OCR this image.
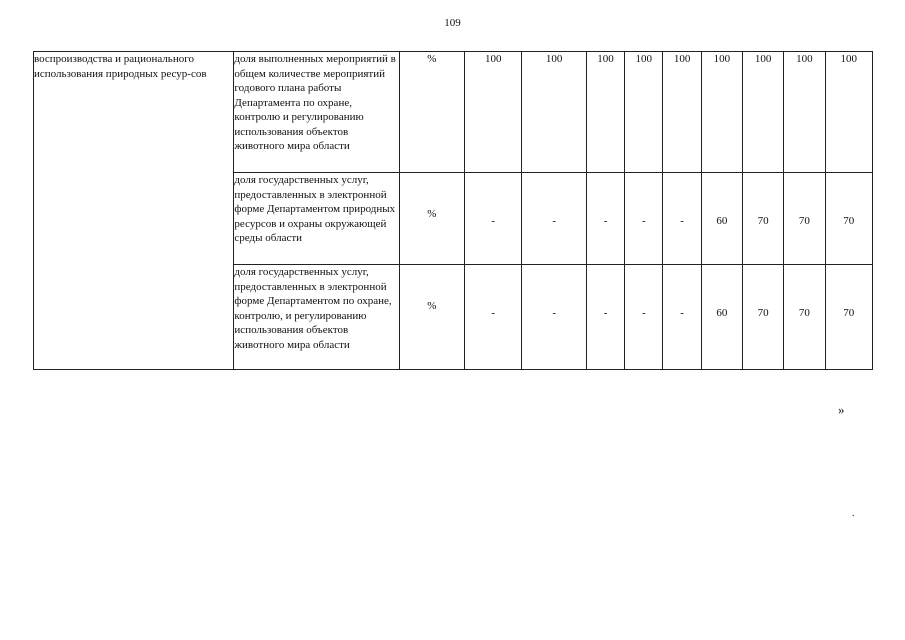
109
воспроизводства и рационального использования природных ресур-сов	доля выполненных мероприятий в общем количестве мероприятий годового плана работы Департамента по охране, контролю и регулированию использования объектов животного мира области	%	100	100	100	100	100	100	100	100	100
	доля государственных услуг, предоставленных в электронной форме Департаментом природных ресурсов и охраны окружающей среды области	%	-	-	-	-	-	60	70	70	70
	доля государственных услуг, предоставленных в электронной форме Департаментом по охране, контролю, и регулированию использования объектов животного мира области	%	-	-	-	-	-	60	70	70	70
»
.
